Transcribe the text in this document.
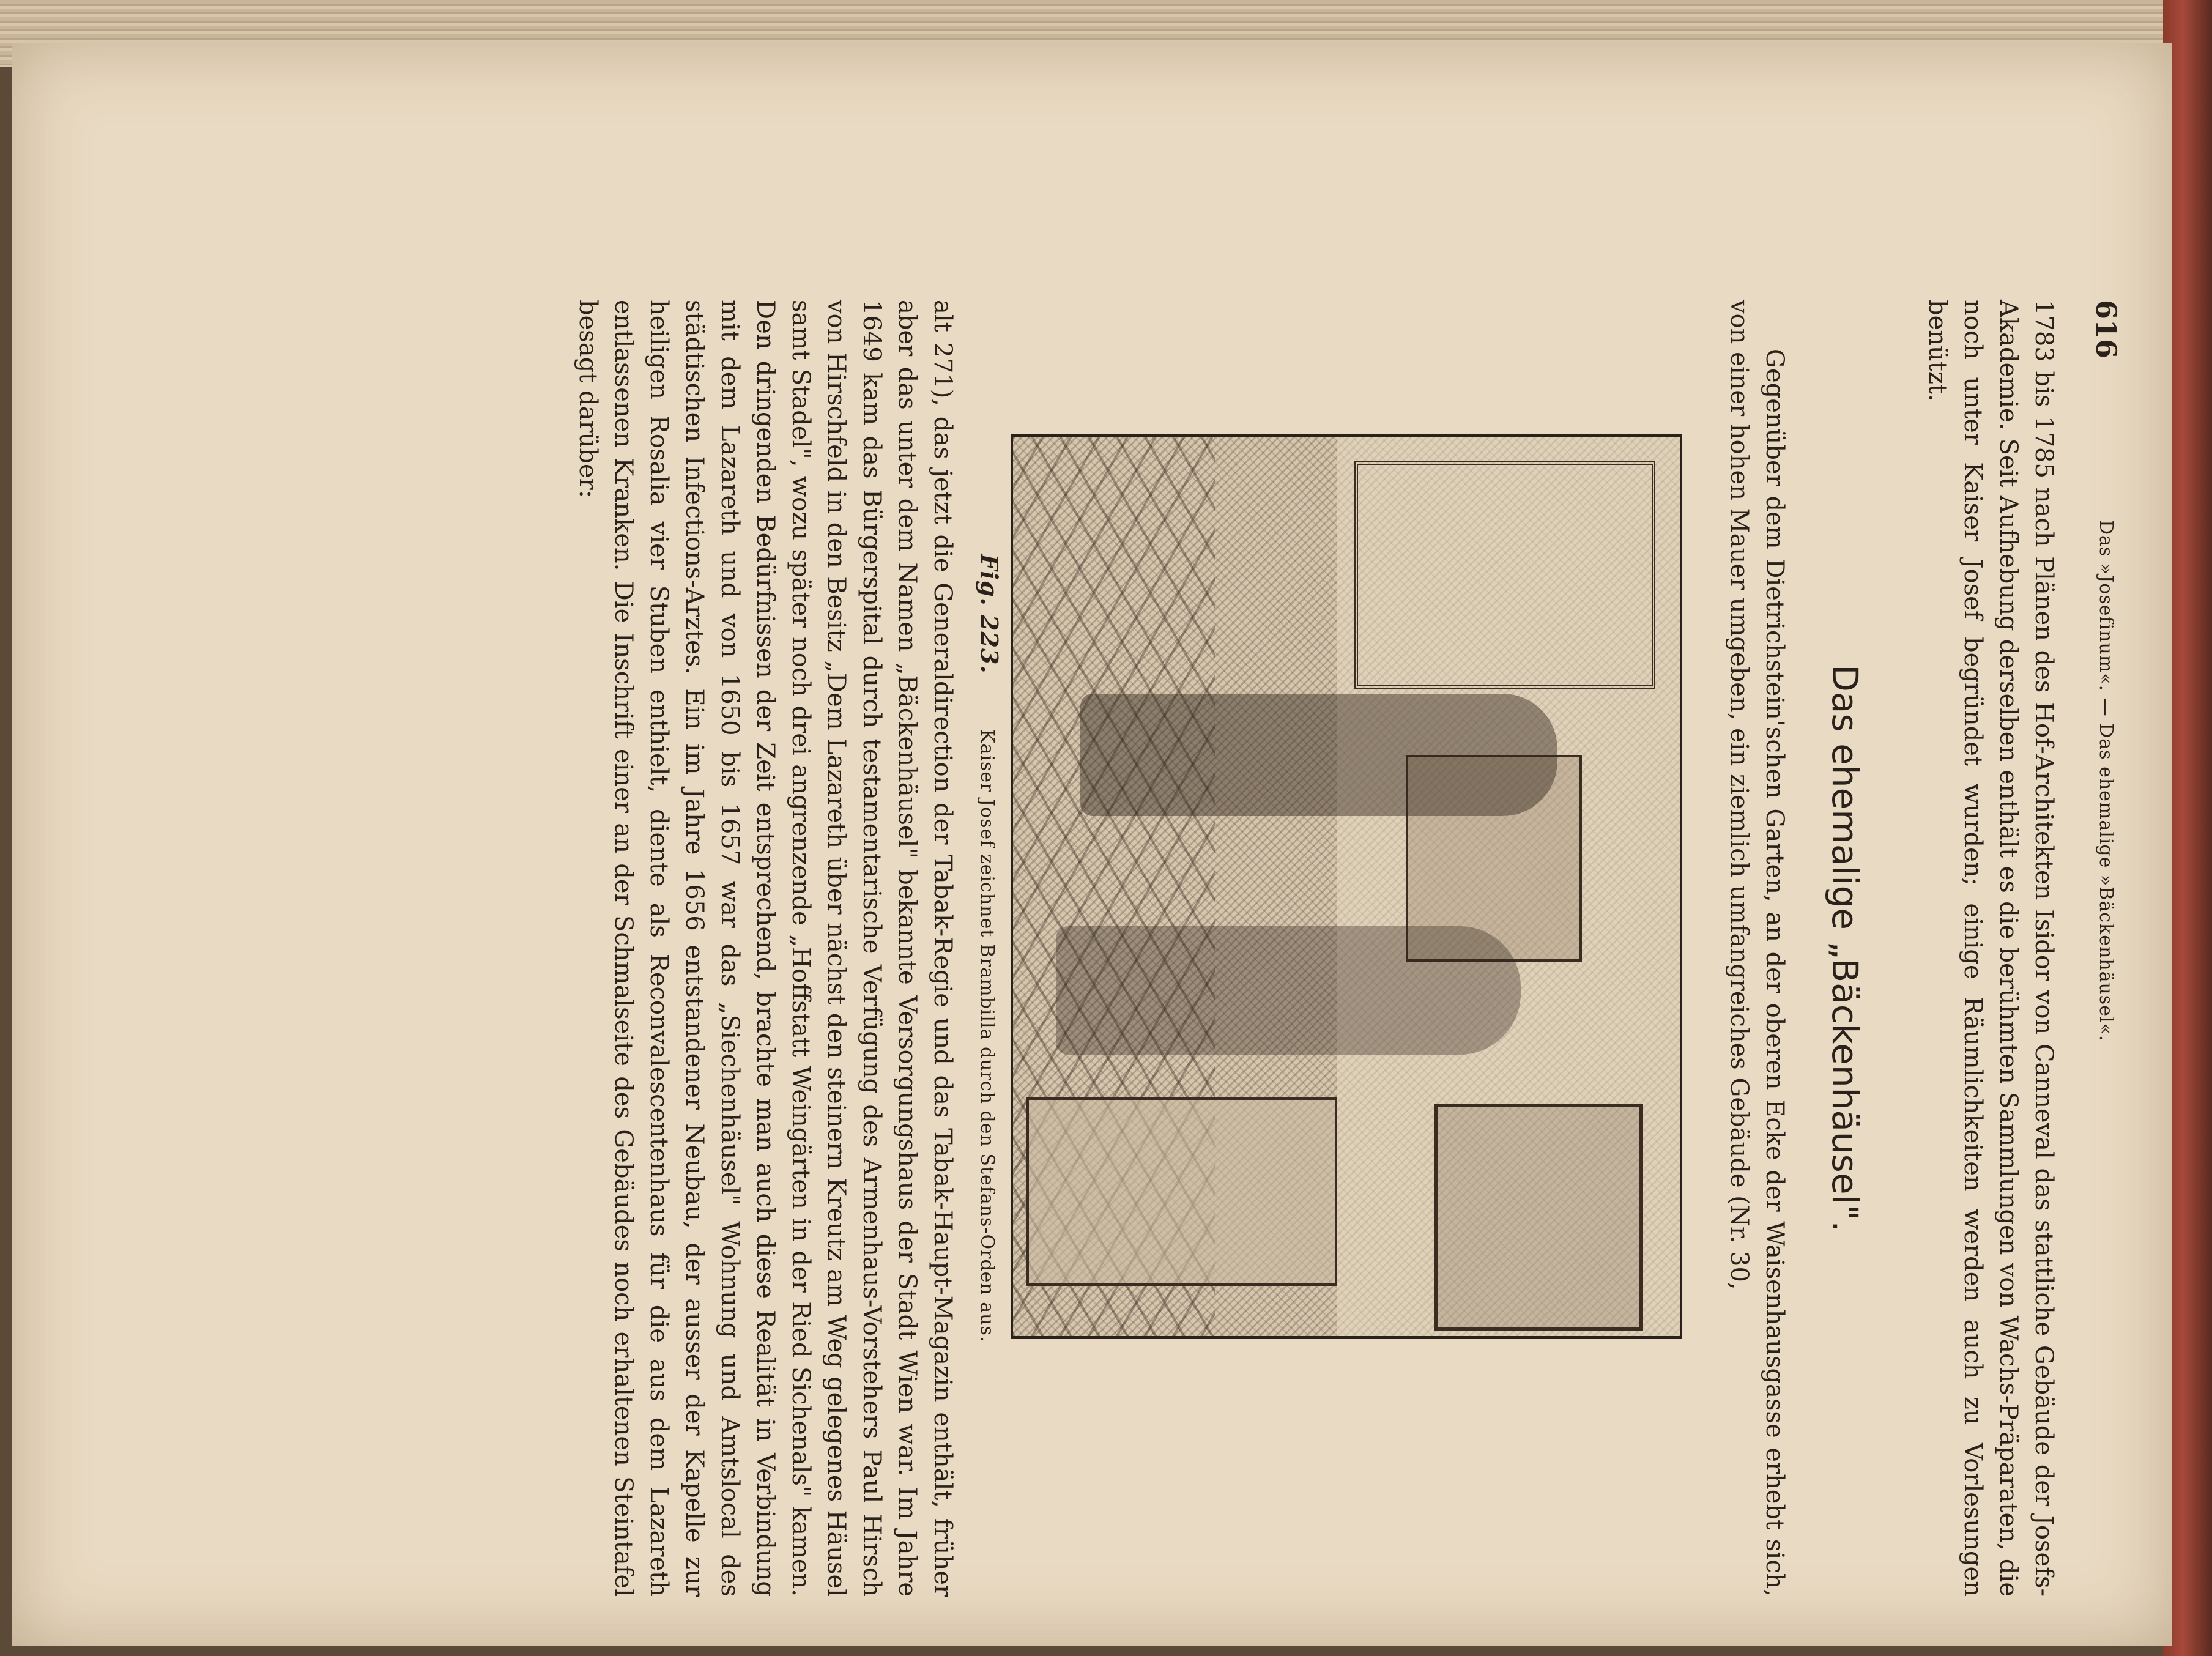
616
Das »Josefinum«. — Das ehemalige »Bäckenhäusel«.
1783 bis 1785 nach Plänen des Hof-Architekten Isidor von Canneval das stattliche Gebäude der Josefs-Akademie. Seit Aufhebung derselben enthält es die berühmten Sammlungen von Wachs-Präparaten, die noch unter Kaiser Josef begründet wurden; einige Räumlichkeiten werden auch zu Vorlesungen benützt.
Das ehemalige „Bäckenhäusel".
Gegenüber dem Dietrichstein'schen Garten, an der oberen Ecke der Waisenhausgasse erhebt sich, von einer hohen Mauer umgeben, ein ziemlich umfangreiches Gebäude (Nr. 30,
Fig. 223. Kaiser Josef zeichnet Brambilla durch den Stefans-Orden aus.
alt 271), das jetzt die Generaldirection der Tabak-Regie und das Tabak-Haupt-Magazin enthält, früher aber das unter dem Namen „Bäckenhäusel" bekannte Versorgungshaus der Stadt Wien war. Im Jahre 1649 kam das Bürgerspital durch testamentarische Verfügung des Armenhaus-Vorstehers Paul Hirsch von Hirschfeld in den Besitz „Dem Lazareth über nächst den steinern Kreutz am Weg gelegenes Häusel samt Stadel", wozu später noch drei angrenzende „Hoffstatt Weingärten in der Ried Sichenals" kamen. Den dringenden Bedürfnissen der Zeit entsprechend, brachte man auch diese Realität in Verbindung mit dem Lazareth und von 1650 bis 1657 war das „Siechenhäusel" Wohnung und Amtslocal des städtischen Infections-Arztes. Ein im Jahre 1656 entstandener Neubau, der ausser der Kapelle zur heiligen Rosalia vier Stuben enthielt, diente als Reconvalescentenhaus für die aus dem Lazareth entlassenen Kranken. Die Inschrift einer an der Schmalseite des Gebäudes noch erhaltenen Steintafel besagt darüber:
